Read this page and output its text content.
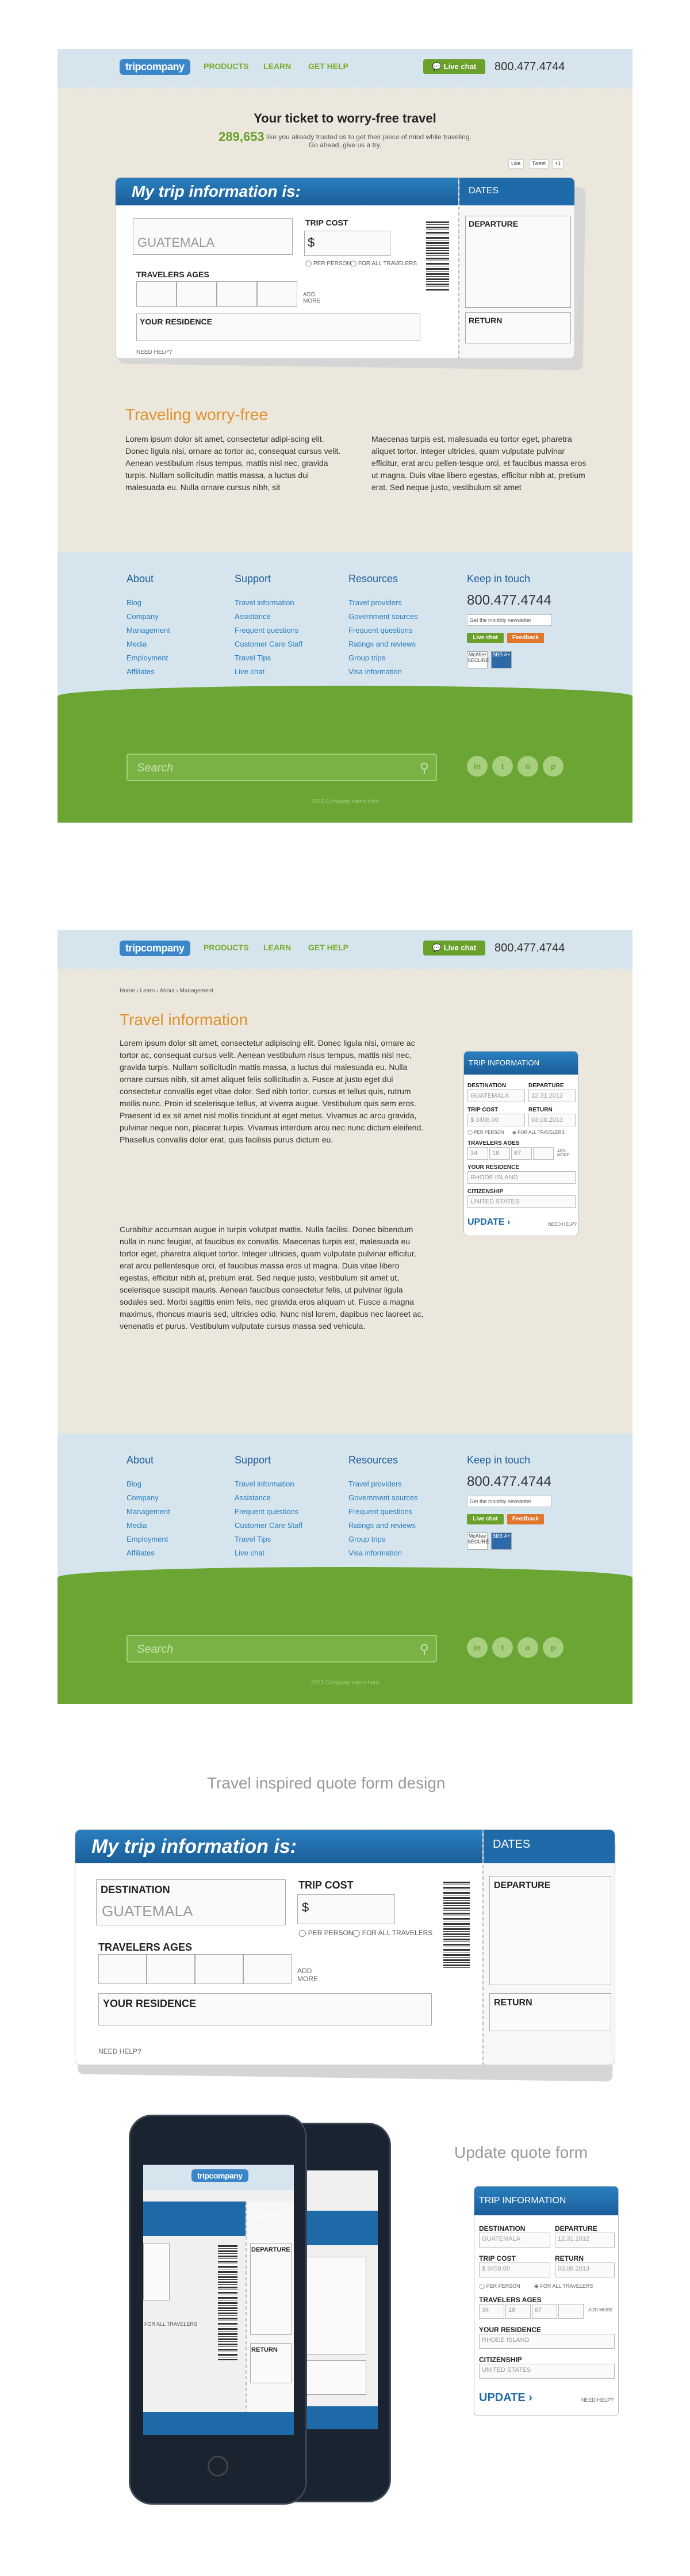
tripcompany	PRODUCTS LEARN GET HELP	💬 Live chat	800.477.4744
Your ticket to worry-free travel
289,653 like you already trusted us to get their piece of mind while traveling.
Go ahead, give us a try.
Like	Tweet	+1
My trip information is:
GUATEMALA
TRIP COST
$
◯ PER PERSON
◯ FOR ALL TRAVELERS
TRAVELERS AGES
ADD MORE
YOUR RESIDENCE
NEED HELP?
DATES
DEPARTURE
RETURN
Traveling worry-free
Lorem ipsum dolor sit amet, consectetur adipi-scing elit. Donec ligula nisi, ornare ac tortor ac, consequat cursus velit. Aenean vestibulum risus tempus, mattis nisl nec, gravida turpis. Nullam sollicitudin mattis massa, a luctus dui malesuada eu. Nulla ornare cursus nibh, sit
Maecenas turpis est, malesuada eu tortor eget, pharetra aliquet tortor. Integer ultricies, quam vulputate pulvinar efficitur, erat arcu pellen-tesque orci, et faucibus massa eros ut magna. Duis vitae libero egestas, efficitur nibh at, pretium erat. Sed neque justo, vestibulum sit amet
About
Blog
Company
Management
Media
Employment
Affiliates
Support
Travel information
Assistance
Frequent questions
Customer Care Staff
Travel Tips
Live chat
Resources
Travel providers
Government sources
Frequent questions
Ratings and reviews
Group trips
Visa information
Keep in touch
800.477.4744
Get the monthly newsletter
Live chat	Feedback
McAfee SECURE
BBB A+
Search	⚲	in	t	o	p
2013 Company name here
tripcompany	PRODUCTS LEARN GET HELP	💬 Live chat	800.477.4744
Home › Learn › About › Management
Travel information
Lorem ipsum dolor sit amet, consectetur adipiscing elit. Donec ligula nisi, ornare ac tortor ac, consequat cursus velit. Aenean vestibulum risus tempus, mattis nisl nec, gravida turpis. Nullam sollicitudin mattis massa, a luctus dui malesuada eu. Nulla ornare cursus nibh, sit amet aliquet felis sollicitudin a. Fusce at justo eget dui consectetur convallis eget vitae dolor. Sed nibh tortor, cursus et tellus quis, rutrum mollis nunc. Proin id scelerisque tellus, at viverra augue. Vestibulum quis sem eros. Praesent id ex sit amet nisl mollis tincidunt at eget metus. Vivamus ac arcu gravida, pulvinar neque non, placerat turpis. Vivamus interdum arcu nec nunc dictum eleifend. Phasellus convallis dolor erat, quis facilisis purus dictum eu.
Curabitur accumsan augue in turpis volutpat mattis. Nulla facilisi. Donec bibendum nulla in nunc feugiat, at faucibus ex convallis. Maecenas turpis est, malesuada eu tortor eget, pharetra aliquet tortor. Integer ultricies, quam vulputate pulvinar efficitur, erat arcu pellentesque orci, et faucibus massa eros ut magna. Duis vitae libero egestas, efficitur nibh at, pretium erat. Sed neque justo, vestibulum sit amet ut, scelerisque suscipit mauris. Aenean faucibus consectetur felis, ut pulvinar ligula sodales sed. Morbi sagittis enim felis, nec gravida eros aliquam ut. Fusce a magna maximus, rhoncus mauris sed, ultricies odio. Nunc nisl lorem, dapibus nec laoreet ac, venenatis et purus. Vestibulum vulputate cursus massa sed vehicula.
TRIP INFORMATION
DESTINATION
GUATEMALA
DEPARTURE
12.31.2012
TRIP COST
$ 3458.00
RETURN
03.08.2013
◯ PER PERSON ◉ FOR ALL TRAVELERS
TRAVELERS AGES
34	18	67	ADD MORE
YOUR RESIDENCE
RHODE ISLAND
CITIZENSHIP
UNITED STATES
UPDATE ›	NEED HELP?
About
Blog
Company
Management
Media
Employment
Affiliates
Support
Travel information
Assistance
Frequent questions
Customer Care Staff
Travel Tips
Live chat
Resources
Travel providers
Government sources
Frequent questions
Ratings and reviews
Group trips
Visa information
Keep in touch
800.477.4744
Get the monthly newsletter
Live chat	Feedback
McAfee SECURE
BBB A+
Search	⚲	in	t	o	p
2013 Company name here
Travel inspired quote form design
My trip information is:
DESTINATION
GUATEMALA
TRIP COST
$
◯ PER PERSON
◯ FOR ALL TRAVELERS
TRAVELERS AGES
ADD MORE
YOUR RESIDENCE
NEED HELP?
DATES
DEPARTURE
RETURN
Update quote form
tripcompany
DATES
DEPARTURE
FOR ALL TRAVELERS
RETURN
TRIP INFORMATION
DESTINATION
GUATEMALA
DEPARTURE
12.31.2012
TRIP COST
$ 3458.00
RETURN
03.08.2013
◯ PER PERSON	◉ FOR ALL TRAVELERS
TRAVELERS AGES
34	18	67	ADD MORE
YOUR RESIDENCE
RHODE ISLAND
CITIZENSHIP
UNITED STATES
UPDATE ›	NEED HELP?
